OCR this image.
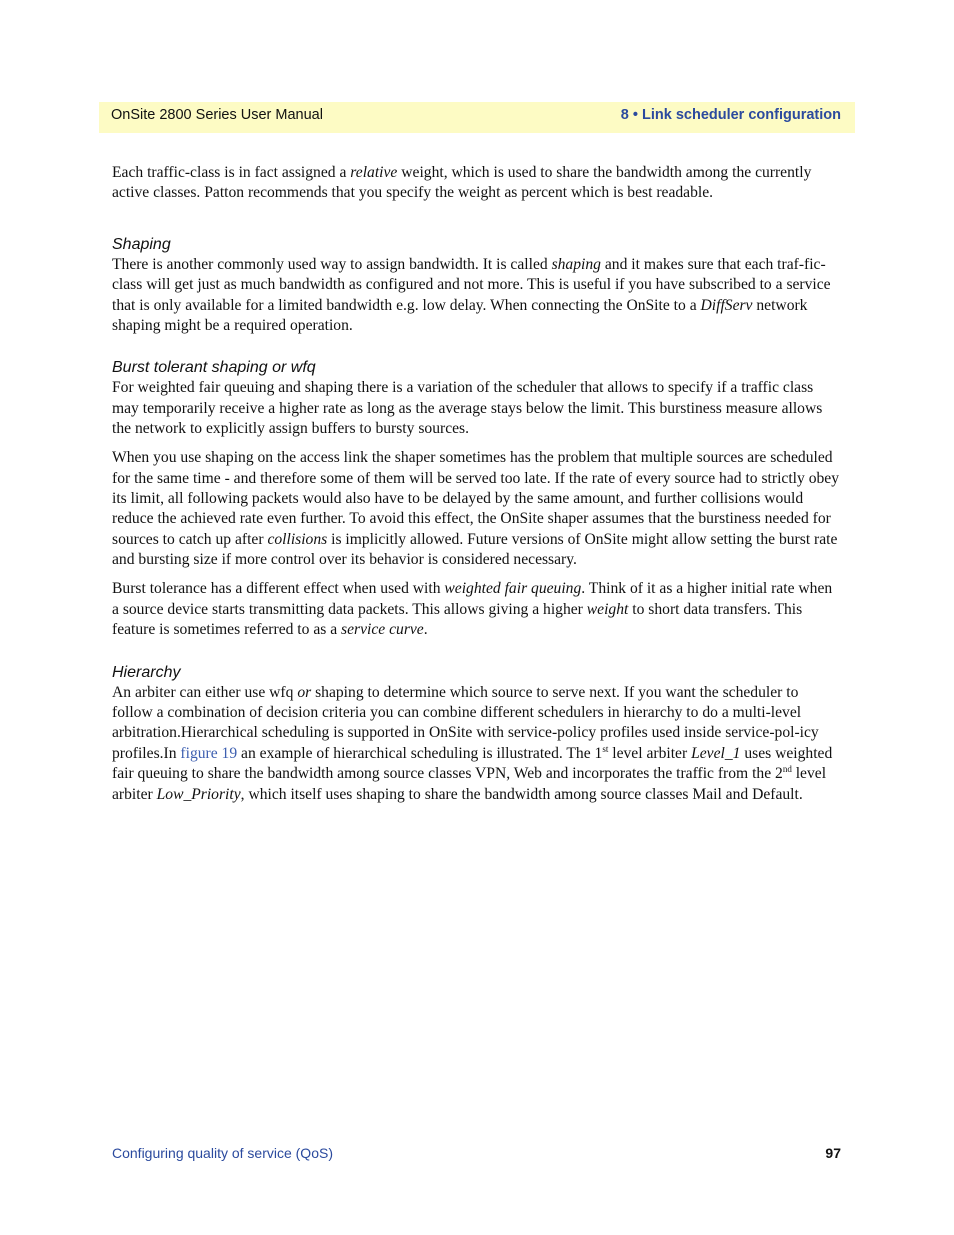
OnSite 2800 Series User Manual	8 • Link scheduler configuration

Each traffic-class is in fact assigned a relative weight, which is used to share the bandwidth among the currently active classes. Patton recommends that you specify the weight as percent which is best readable.

Shaping

There is another commonly used way to assign bandwidth. It is called shaping and it makes sure that each traf-fic-class will get just as much bandwidth as configured and not more. This is useful if you have subscribed to a service that is only available for a limited bandwidth e.g. low delay. When connecting the OnSite to a DiffServ network shaping might be a required operation.

Burst tolerant shaping or wfq

For weighted fair queuing and shaping there is a variation of the scheduler that allows to specify if a traffic class may temporarily receive a higher rate as long as the average stays below the limit. This burstiness measure allows the network to explicitly assign buffers to bursty sources.

When you use shaping on the access link the shaper sometimes has the problem that multiple sources are scheduled for the same time - and therefore some of them will be served too late. If the rate of every source had to strictly obey its limit, all following packets would also have to be delayed by the same amount, and further collisions would reduce the achieved rate even further. To avoid this effect, the OnSite shaper assumes that the burstiness needed for sources to catch up after collisions is implicitly allowed. Future versions of OnSite might allow setting the burst rate and bursting size if more control over its behavior is considered necessary.

Burst tolerance has a different effect when used with weighted fair queuing. Think of it as a higher initial rate when a source device starts transmitting data packets. This allows giving a higher weight to short data transfers. This feature is sometimes referred to as a service curve.

Hierarchy

An arbiter can either use wfq or shaping to determine which source to serve next. If you want the scheduler to follow a combination of decision criteria you can combine different schedulers in hierarchy to do a multi-level arbitration.Hierarchical scheduling is supported in OnSite with service-policy profiles used inside service-pol-icy profiles.In figure 19 an example of hierarchical scheduling is illustrated. The 1st level arbiter Level_1 uses weighted fair queuing to share the bandwidth among source classes VPN, Web and incorporates the traffic from the 2nd level arbiter Low_Priority, which itself uses shaping to share the bandwidth among source classes Mail and Default.

Configuring quality of service (QoS)	97
